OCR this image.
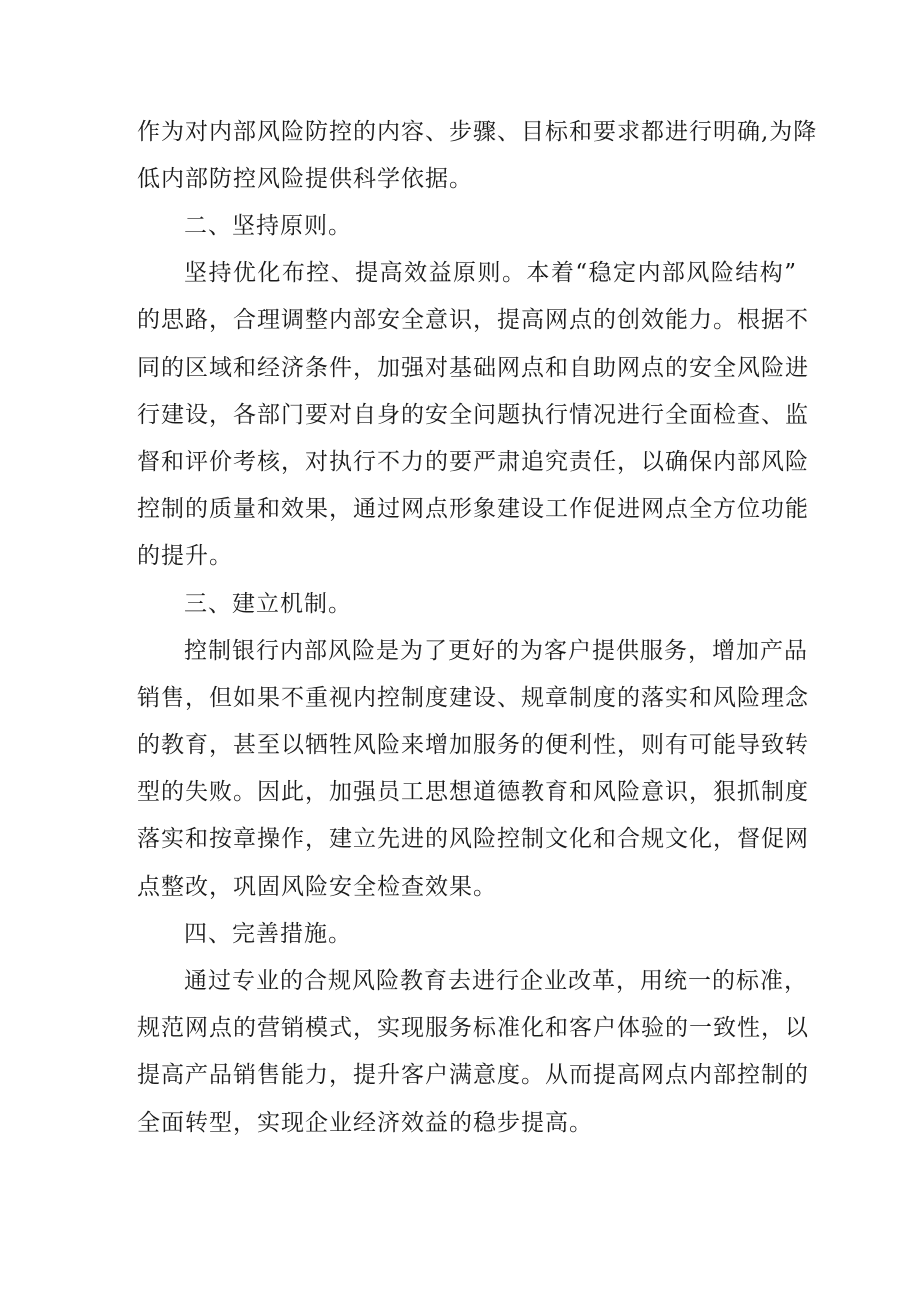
作为对内部风险防控的内容、步骤、目标和要求都进行明确,为降

低内部防控风险提供科学依据。

二、坚持原则。

坚持优化布控、提高效益原则。本着“稳定内部风险结构”

的思路，合理调整内部安全意识，提高网点的创效能力。根据不

同的区域和经济条件，加强对基础网点和自助网点的安全风险进

行建设，各部门要对自身的安全问题执行情况进行全面检查、监

督和评价考核，对执行不力的要严肃追究责任，以确保内部风险

控制的质量和效果，通过网点形象建设工作促进网点全方位功能

的提升。

三、建立机制。

控制银行内部风险是为了更好的为客户提供服务，增加产品

销售，但如果不重视内控制度建设、规章制度的落实和风险理念

的教育，甚至以牺牲风险来增加服务的便利性，则有可能导致转

型的失败。因此，加强员工思想道德教育和风险意识，狠抓制度

落实和按章操作，建立先进的风险控制文化和合规文化，督促网

点整改，巩固风险安全检查效果。

四、完善措施。

通过专业的合规风险教育去进行企业改革，用统一的标准，

规范网点的营销模式，实现服务标准化和客户体验的一致性，以

提高产品销售能力，提升客户满意度。从而提高网点内部控制的

全面转型，实现企业经济效益的稳步提高。
